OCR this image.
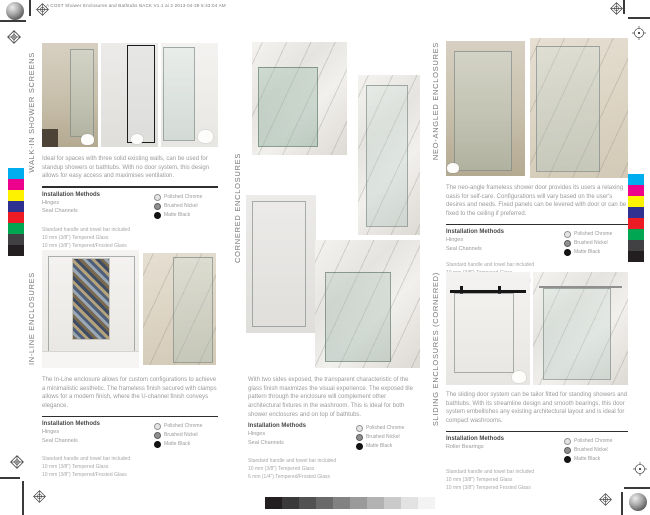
A COST Shower Enclosures and Bathtubs BACK V1.1 ai 2 2013-04-28 5:43:04 AM
WALK-IN SHOWER SCREENS
IN-LINE ENCLOSURES
CORNERED ENCLOSURES
NEO-ANGLED ENCLOSURES
SLIDING ENCLOSURES (CORNERED)

Ideal for spaces with three solid existing walls, can be used for standup showers or bathtubs. With no door system, this design allows for easy access and maximises ventilation.

Installation Methods
Hinges
Seal Channels
Polished Chrome
Brushed Nickel
Matte Black
Standard handle and towel bar included
10 mm (3/8") Tempered Glass
10 mm (3/8") Tempered/Frosted Glass

The In-Line enclosure allows for custom configurations to achieve a minimalistic aesthetic. The frameless finish secured with clamps allows for a modern finish, where the U-channel finish conveys elegance.

Installation Methods
Hinges
Seal Channels
Polished Chrome
Brushed Nickel
Matte Black
Standard handle and towel bar included
10 mm (3/8") Tempered Glass
10 mm (3/8") Tempered/Frosted Glass

With two sides exposed, the transparent characteristic of the glass finish maximizes the visual experience. The exposed tile pattern through the enclosure will complement other architectural fixtures in the washroom. This is ideal for both shower enclosures and on top of bathtubs.

Installation Methods
Hinges
Seal Channels
Polished Chrome
Brushed Nickel
Matte Black
Standard handle and towel bar included
10 mm (3/8") Tempered Glass
6 mm (1/4") Tempered/Frosted Glass

The neo-angle frameless shower door provides its users a relaxing oasis for self-care. Configurations will vary based on the user's desires and needs. Fixed panels can be levered with door or can be fixed to the ceiling if preferred.

Installation Methods
Hinges
Seal Channels
Polished Chrome
Brushed Nickel
Matte Black
Standard handle and towel bar included

The sliding door system can be tailor fitted for standing showers and bathtubs. With its streamline design and smooth bearings, this door system embellishes any existing architectural layout and is ideal for compact washrooms.

Installation Methods
Roller Bearings
Polished Chrome
Brushed Nickel
Matte Black
Standard handle and towel bar included
10 mm (3/8") Tempered Glass
10 mm (3/8") Tempered Frosted Glass
